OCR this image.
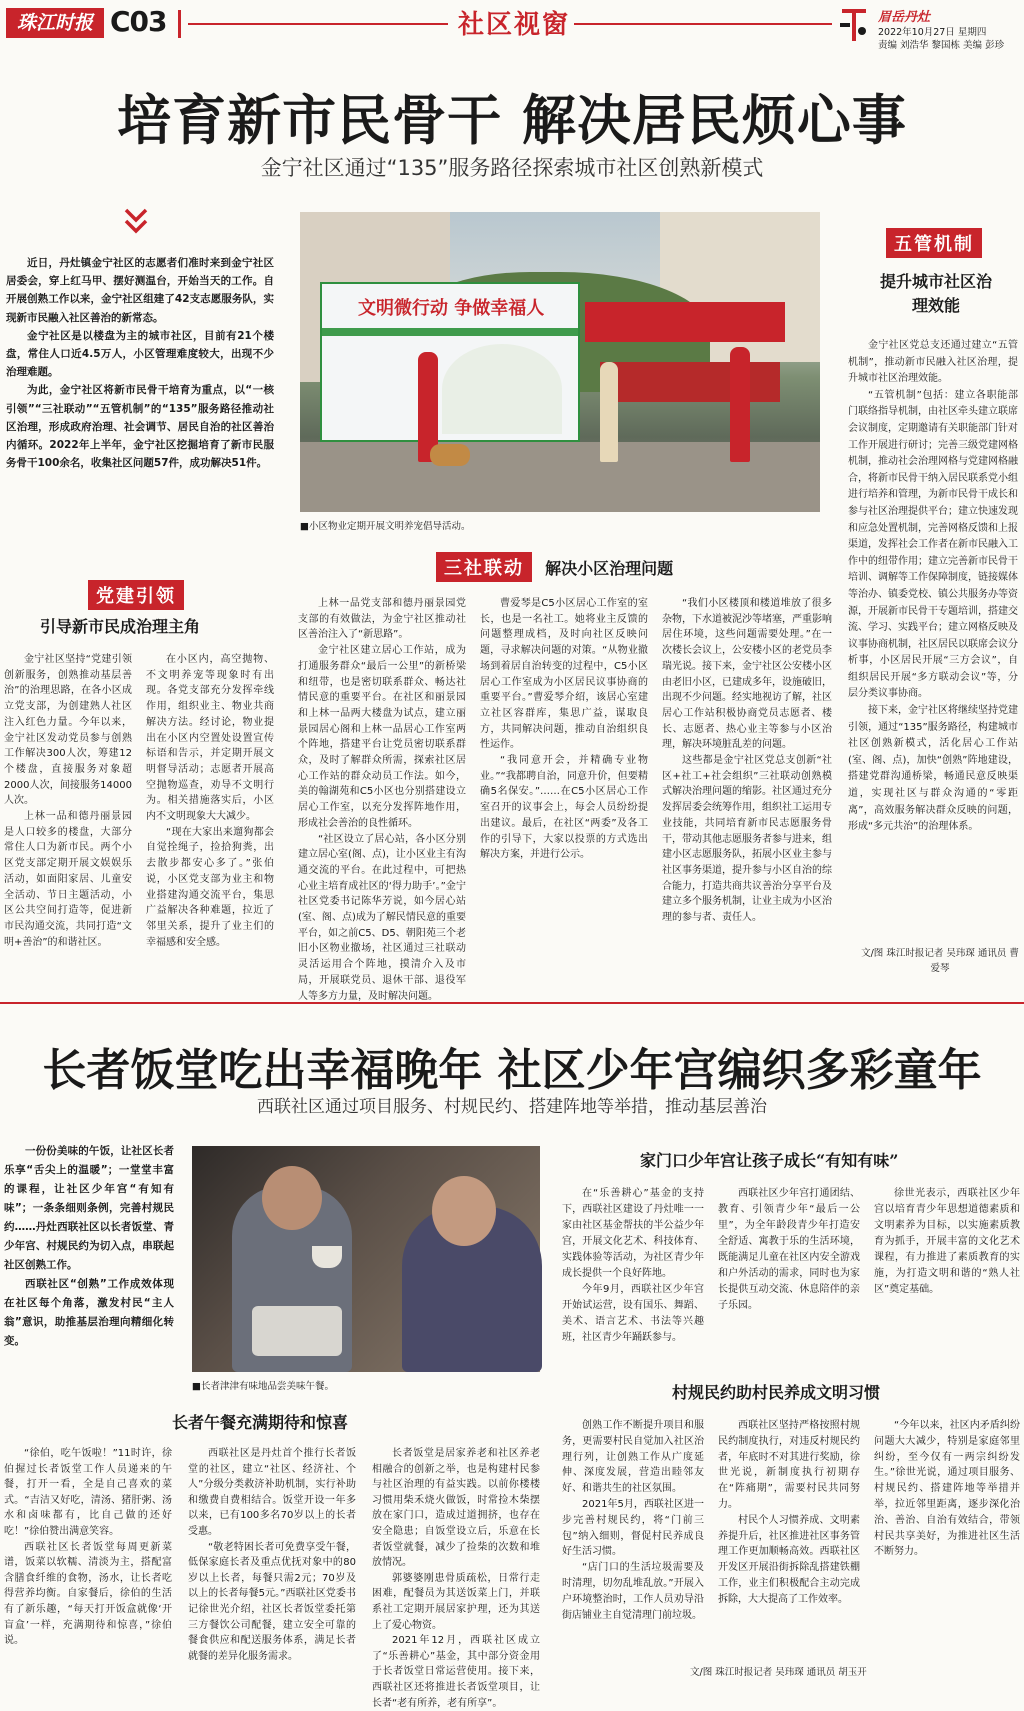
珠江时报 C03	社区视窗	眉岳丹灶
2022年10月27日 星期四
责编 刘浩华 黎国栋 美编 彭珍
培育新市民骨干 解决居民烦心事
金宁社区通过“135”服务路径探索城市社区创熟新模式

近日，丹灶镇金宁社区的志愿者们准时来到金宁社区居委会，穿上红马甲、摆好测温台，开始当天的工作。自开展创熟工作以来，金宁社区组建了42支志愿服务队，实现新市民融入社区善治的新常态。

金宁社区是以楼盘为主的城市社区，目前有21个楼盘，常住人口近4.5万人，小区管理难度较大，出现不少治理难题。

为此，金宁社区将新市民骨干培育为重点，以“一核引领”“三社联动”“五管机制”的“135”服务路径推动社区治理，形成政府治理、社会调节、居民自治的社区善治内循环。2022年上半年，金宁社区挖掘培育了新市民服务骨干100余名，收集社区问题57件，成功解决51件。

文明微行动 争做幸福人
■小区物业定期开展文明养宠倡导活动。
五管机制
提升城市社区治理效能

金宁社区党总支还通过建立“五管机制”，推动新市民融入社区治理，提升城市社区治理效能。

“五管机制”包括：建立各职能部门联络指导机制，由社区牵头建立联席会议制度，定期邀请有关职能部门针对工作开展进行研讨；完善三级党建网格机制，推动社会治理网格与党建网格融合，将新市民骨干纳入居民联系党小组进行培养和管理，为新市民骨干成长和参与社区治理提供平台；建立快速发现和应急处置机制，完善网格反馈和上报渠道，发挥社会工作者在新市民融入工作中的纽带作用；建立完善新市民骨干培训、调解等工作保障制度，链接媒体等治办、镇委党校、镇公共服务办等资源，开展新市民骨干专题培训，搭建交流、学习、实践平台；建立网格反映及议事协商机制，社区居民以联席会议分析事，小区居民开展“三方会议”，自组织居民开展“多方联动会议”等，分层分类议事协商。

接下来，金宁社区将继续坚持党建引领，通过“135”服务路径，构建城市社区创熟新模式，活化居心工作站(室、阁、点)，加快“创熟”阵地建设，搭建党群沟通桥梁，畅通民意反映渠道，实现社区与群众沟通的“零距离”，高效服务解决群众反映的问题，形成“多元共治”的治理体系。

文/图 珠江时报记者 吴玮琛 通讯员 曹爱琴
党建引领
引导新市民成治理主角

金宁社区坚持“党建引领创新服务，创熟推动基层善治”的治理思路，在各小区成立党支部，为创建熟人社区注入红色力量。今年以来，金宁社区发动党员参与创熟工作解决300人次，筹建12个楼盘，直接服务对象超2000人次，间接服务14000人次。

上林一品和德丹丽景园是人口较多的楼盘，大部分常住人口为新市民。两个小区党支部定期开展文娱娱乐活动，如面阳家居、儿童安全活动、节日主题活动，小区公共空间打造等，促进新市民沟通交流，共同打造“文明+善治”的和谐社区。

在小区内，高空抛物、不文明养宠等现象时有出现。各党支部充分发挥牵线作用，组织业主、物业共商解决方法。经讨论，物业提出在小区内空置处设置宣传标语和告示，并定期开展文明督导活动；志愿者开展高空抛物巡查，劝导不文明行为。相关措施落实后，小区内不文明现象大大减少。

“现在大家出来遛狗都会自觉拴绳子，捡拾狗粪，出去散步都安心多了。”张伯说，小区党支部为业主和物业搭建沟通交流平台，集思广益解决各种难题，拉近了邻里关系，提升了业主们的幸福感和安全感。

三社联动 解决小区治理问题

上林一品党支部和德丹丽景园党支部的有效做法，为金宁社区推动社区善治注入了“新思路”。

金宁社区建立居心工作站，成为打通服务群众“最后一公里”的新桥梁和纽带，也是密切联系群众、畅达社情民意的重要平台。在社区和丽景园和上林一品两大楼盘为试点，建立丽景园居心阁和上林一品居心工作室两个阵地，搭建平台让党员密切联系群众，及时了解群众所需，探索社区居心工作站的群众动员工作法。如今，美的翰湖苑和C5小区也分别搭建设立居心工作室，以充分发挥阵地作用，形成社会善治的良性循环。

“社区设立了居心站，各小区分别建立居心室(阁、点)，让小区业主有沟通交流的平台。在此过程中，可把热心业主培育成社区的‘得力助手’。”金宁社区党委书记陈华芳说，如今居心站(室、阁、点)成为了解民情民意的重要平台，如之前C5、D5、朝阳苑三个老旧小区物业撤场，社区通过三社联动灵活运用合个阵地，摸清介入及市局，开展联党员、退休干部、退役军人等多方力量，及时解决问题。

曹爱琴是C5小区居心工作室的室长，也是一名社工。她将业主反馈的问题整理成档，及时向社区反映问题，寻求解决问题的对策。“从物业撤场到着居自治转变的过程中，C5小区居心工作室成为小区居民议事协商的重要平台。”曹爱琴介绍，该居心室建立社区容群库，集思广益，谋取良方，共同解决问题，推动自治组织良性运作。

“我同意开会，并精确专业物业。”“我都聘自治，同意升价，但要精确5名保安。”……在C5小区居心工作室召开的议事会上，每会人员纷纷提出建议。最后，在社区“两委”及各工作的引导下，大家以投票的方式选出解决方案，并进行公示。

“我们小区楼顶和楼道堆放了很多杂物，下水道被泥沙等堵塞，严重影响居住环境，这些问题需要处理。”在一次楼长会议上，公安楼小区的老党员李瑞光说。接下来，金宁社区公安楼小区由老旧小区，已建成多年，设施破旧，出现不少问题。经实地视访了解，社区居心工作站积极协商党员志愿者、楼长、志愿者、热心业主等参与小区治理，解决环境脏乱差的问题。

这些都是金宁社区党总支创新“社区+社工+社会组织”三社联动创熟模式解决治理问题的缩影。社区通过充分发挥居委会统筹作用，组织社工运用专业技能，共同培育新市民志愿服务骨干，带动其他志愿服务者参与进来，组建小区志愿服务队，拓展小区业主参与社区事务渠道，提升参与小区自治的综合能力，打造共商共议善治分享平台及建立多个服务机制，让业主成为小区治理的参与者、责任人。

长者饭堂吃出幸福晚年 社区少年宫编织多彩童年
西联社区通过项目服务、村规民约、搭建阵地等举措，推动基层善治

一份份美味的午饭，让社区长者乐享“舌尖上的温暖”；一堂堂丰富的课程，让社区少年宫“有知有味”；一条条细则条例，完善村规民约……丹灶西联社区以长者饭堂、青少年宫、村规民约为切入点，串联起社区创熟工作。

西联社区“创熟”工作成效体现在社区每个角落，激发村民“主人翁”意识，助推基层治理向精细化转变。

■长者津津有味地品尝美味午餐。
家门口少年宫让孩子成长“有知有味”

在“乐善耕心”基金的支持下，西联社区建设了丹灶唯一一家由社区基金帮扶的半公益少年宫，开展文化艺术、科技体育、实践体验等活动，为社区青少年成长提供一个良好阵地。

今年9月，西联社区少年宫开始试运营，设有国乐、舞蹈、美术、语言艺术、书法等兴趣班，社区青少年踊跃参与。

西联社区少年宫打通团结、教育、引领青少年“最后一公里”，为全年龄段青少年打造安全舒适、寓教于乐的生活环境，既能满足儿童在社区内安全游戏和户外活动的需求，同时也为家长提供互动交流、休息陪伴的亲子乐园。

徐世光表示，西联社区少年宫以培育青少年思想道德素质和文明素养为目标，以实施素质教育为抓手，开展丰富的文化艺术课程，有力推进了素质教育的实施，为打造文明和谐的“熟人社区”奠定基础。

长者午餐充满期待和惊喜

“徐伯，吃午饭啦！”11时许，徐伯握过长者饭堂工作人员递来的午餐，打开一看，全是自己喜欢的菜式。“吉洁又好吃，清汤、猪肝粥、汤水和卤味都有，比自己做的还好吃！”徐伯赞出满意笑容。

西联社区长者饭堂每周更新菜谱，饭菜以软糯、清淡为主，搭配富含膳食纤维的食物，汤水，让长者吃得营养均衡。自家餐后，徐伯的生活有了新乐趣，“每天打开饭盒就像‘开盲盒’一样，充满期待和惊喜，”徐伯说。

西联社区是丹灶首个推行长者饭堂的社区，建立“社区、经济社、个人”分级分类救济补助机制，实行补助和缴费自费相结合。饭堂开设一年多以来，已有100多名70岁以上的长者受惠。

“敬老特困长者可免费享受午餐，低保家庭长者及重点优抚对象中的80岁以上长者，每餐只需2元；70岁及以上的长者每餐5元。”西联社区党委书记徐世光介绍，社区长者饭堂委托第三方餐饮公司配餐，建立安全可靠的餐食供应和配送服务体系，满足长者就餐的差异化服务需求。

长者饭堂是居家养老和社区养老相融合的创新之举，也是构建村民参与社区治理的有益实践。以前你楼楼习惯用柴禾烧火做饭，时常捡木柴摆放在家门口，造成过道拥挤，也存在安全隐患；自饭堂设立后，乐意在长者饭堂就餐，减少了捡柴的次数和堆放情况。

郭婆婆刚患骨质疏松，日常行走困难，配餐员为其送饭菜上门，并联系社工定期开展居家护理，还为其送上了爱心物资。

2021年12月，西联社区成立了“乐善耕心”基金，其中部分资金用于长者饭堂日常运营使用。接下来，西联社区还将推进长者饭堂项目，让长者“老有所养，老有所享”。

村规民约助村民养成文明习惯

创熟工作不断提升项目和服务，更需要村民自觉加入社区治理行列，让创熟工作从广度延伸、深度发展，营造出睦邻友好、和谐共生的社区氛围。

2021年5月，西联社区进一步完善村规民约，将“门前三包”纳入细则，督促村民养成良好生活习惯。

“店门口的生活垃圾需要及时清理，切勿乱堆乱放。”开展入户环境整治时，工作人员劝导沿街店铺业主自觉清理门前垃圾。

西联社区坚持严格按照村规民约制度执行，对违反村规民约者，年底时不对其进行奖励，徐世光说，新制度执行初期存在“阵痛期”，需要村民共同努力。

村民个人习惯养成、文明素养提升后，社区推进社区事务管理工作更加顺畅高效。西联社区开发区开展沿街拆除乱搭建铁棚工作，业主们积极配合主动完成拆除，大大提高了工作效率。

“今年以来，社区内矛盾纠纷问题大大减少，特别是家庭邻里纠纷，至今仅有一两宗纠纷发生。”徐世光说，通过项目服务、村规民约、搭建阵地等举措并举，拉近邻里距离，逐步深化治治、善治、自治有效结合，带领村民共享美好，为推进社区生活不断努力。

文/图 珠江时报记者 吴玮琛 通讯员 胡玉开
